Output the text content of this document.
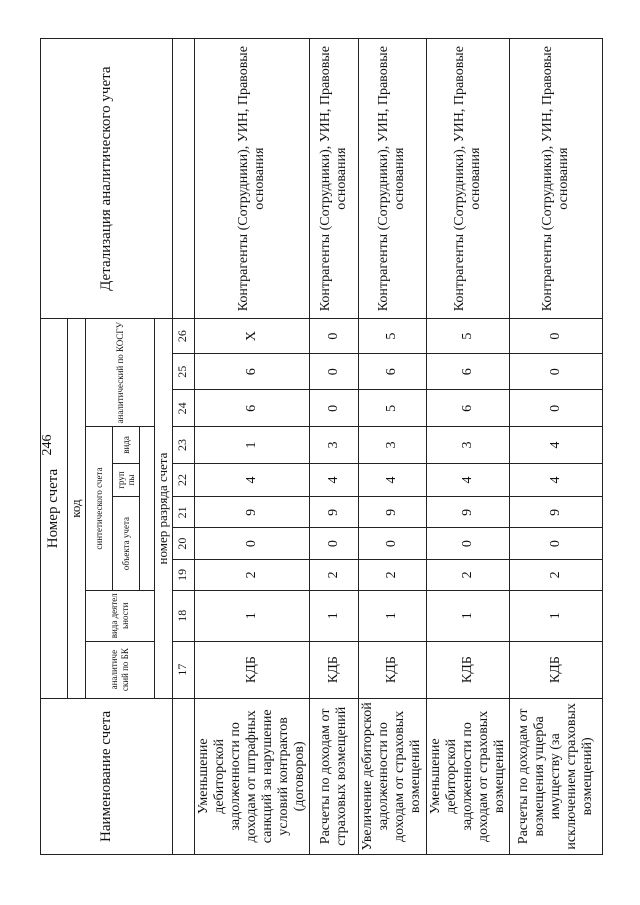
246
Наименование счета	Номер счета										Детализация аналитического учета
	код										
	аналитиче ский по БК	вида деятел ьности	синтетического счета					аналитический по КОСГУ			
			объекта учета			груп пы	вида				

	номер разряда счета										
	17	18	19	20	21	22	23	24	25	26	
Уменьшение дебиторской задолженности по доходам от штрафных санкций за нарушение условий контрактов (договоров)	КДБ	1	2	0	9	4	1	6	6	X	Контрагенты (Сотрудники), УИН, Правовые основания
Расчеты по доходам от страховых возмещений	КДБ	1	2	0	9	4	3	0	0	0	Контрагенты (Сотрудники), УИН, Правовые основания
Увеличение дебиторской задолженности по доходам от страховых возмещений	КДБ	1	2	0	9	4	3	5	6	5	Контрагенты (Сотрудники), УИН, Правовые основания
Уменьшение дебиторской задолженности по доходам от страховых возмещений	КДБ	1	2	0	9	4	3	6	6	5	Контрагенты (Сотрудники), УИН, Правовые основания
Расчеты по доходам от возмещения ущерба имуществу (за исключением страховых возмещений)	КДБ	1	2	0	9	4	4	0	0	0	Контрагенты (Сотрудники), УИН, Правовые основания
